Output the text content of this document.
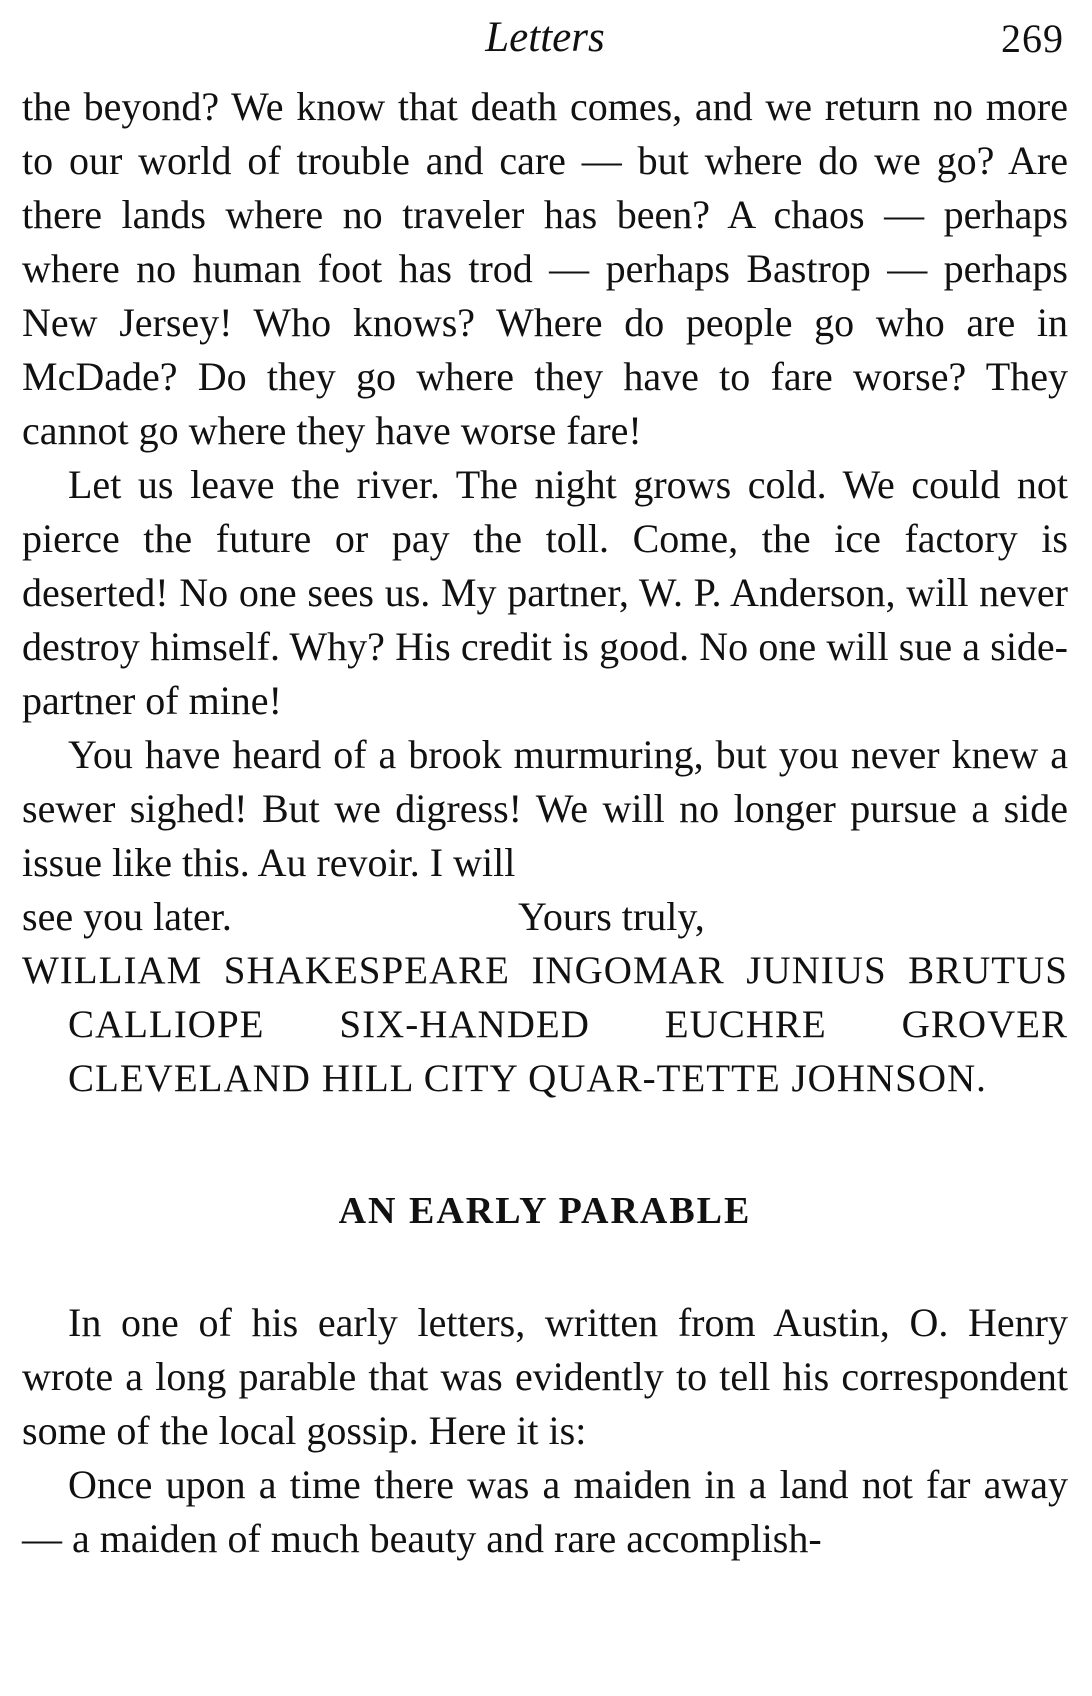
Letters	269

the beyond? We know that death comes, and we return no more to our world of trouble and care — but where do we go? Are there lands where no traveler has been? A chaos — perhaps where no human foot has trod — perhaps Bastrop — perhaps New Jersey! Who knows? Where do people go who are in McDade? Do they go where they have to fare worse? They cannot go where they have worse fare!

Let us leave the river. The night grows cold. We could not pierce the future or pay the toll. Come, the ice factory is deserted! No one sees us. My partner, W. P. Anderson, will never destroy himself. Why? His credit is good. No one will sue a side-partner of mine!

You have heard of a brook murmuring, but you never knew a sewer sighed! But we digress! We will no longer pursue a side issue like this. Au revoir. I will

see you later.	Yours truly,

WILLIAM SHAKESPEARE INGOMAR JUNIUS BRUTUS CALLIOPE SIX-HANDED EUCHRE GROVER CLEVELAND HILL CITY QUAR-TETTE JOHNSON.

AN EARLY PARABLE

In one of his early letters, written from Austin, O. Henry wrote a long parable that was evidently to tell his correspondent some of the local gossip. Here it is:

Once upon a time there was a maiden in a land not far away — a maiden of much beauty and rare accomplish-
